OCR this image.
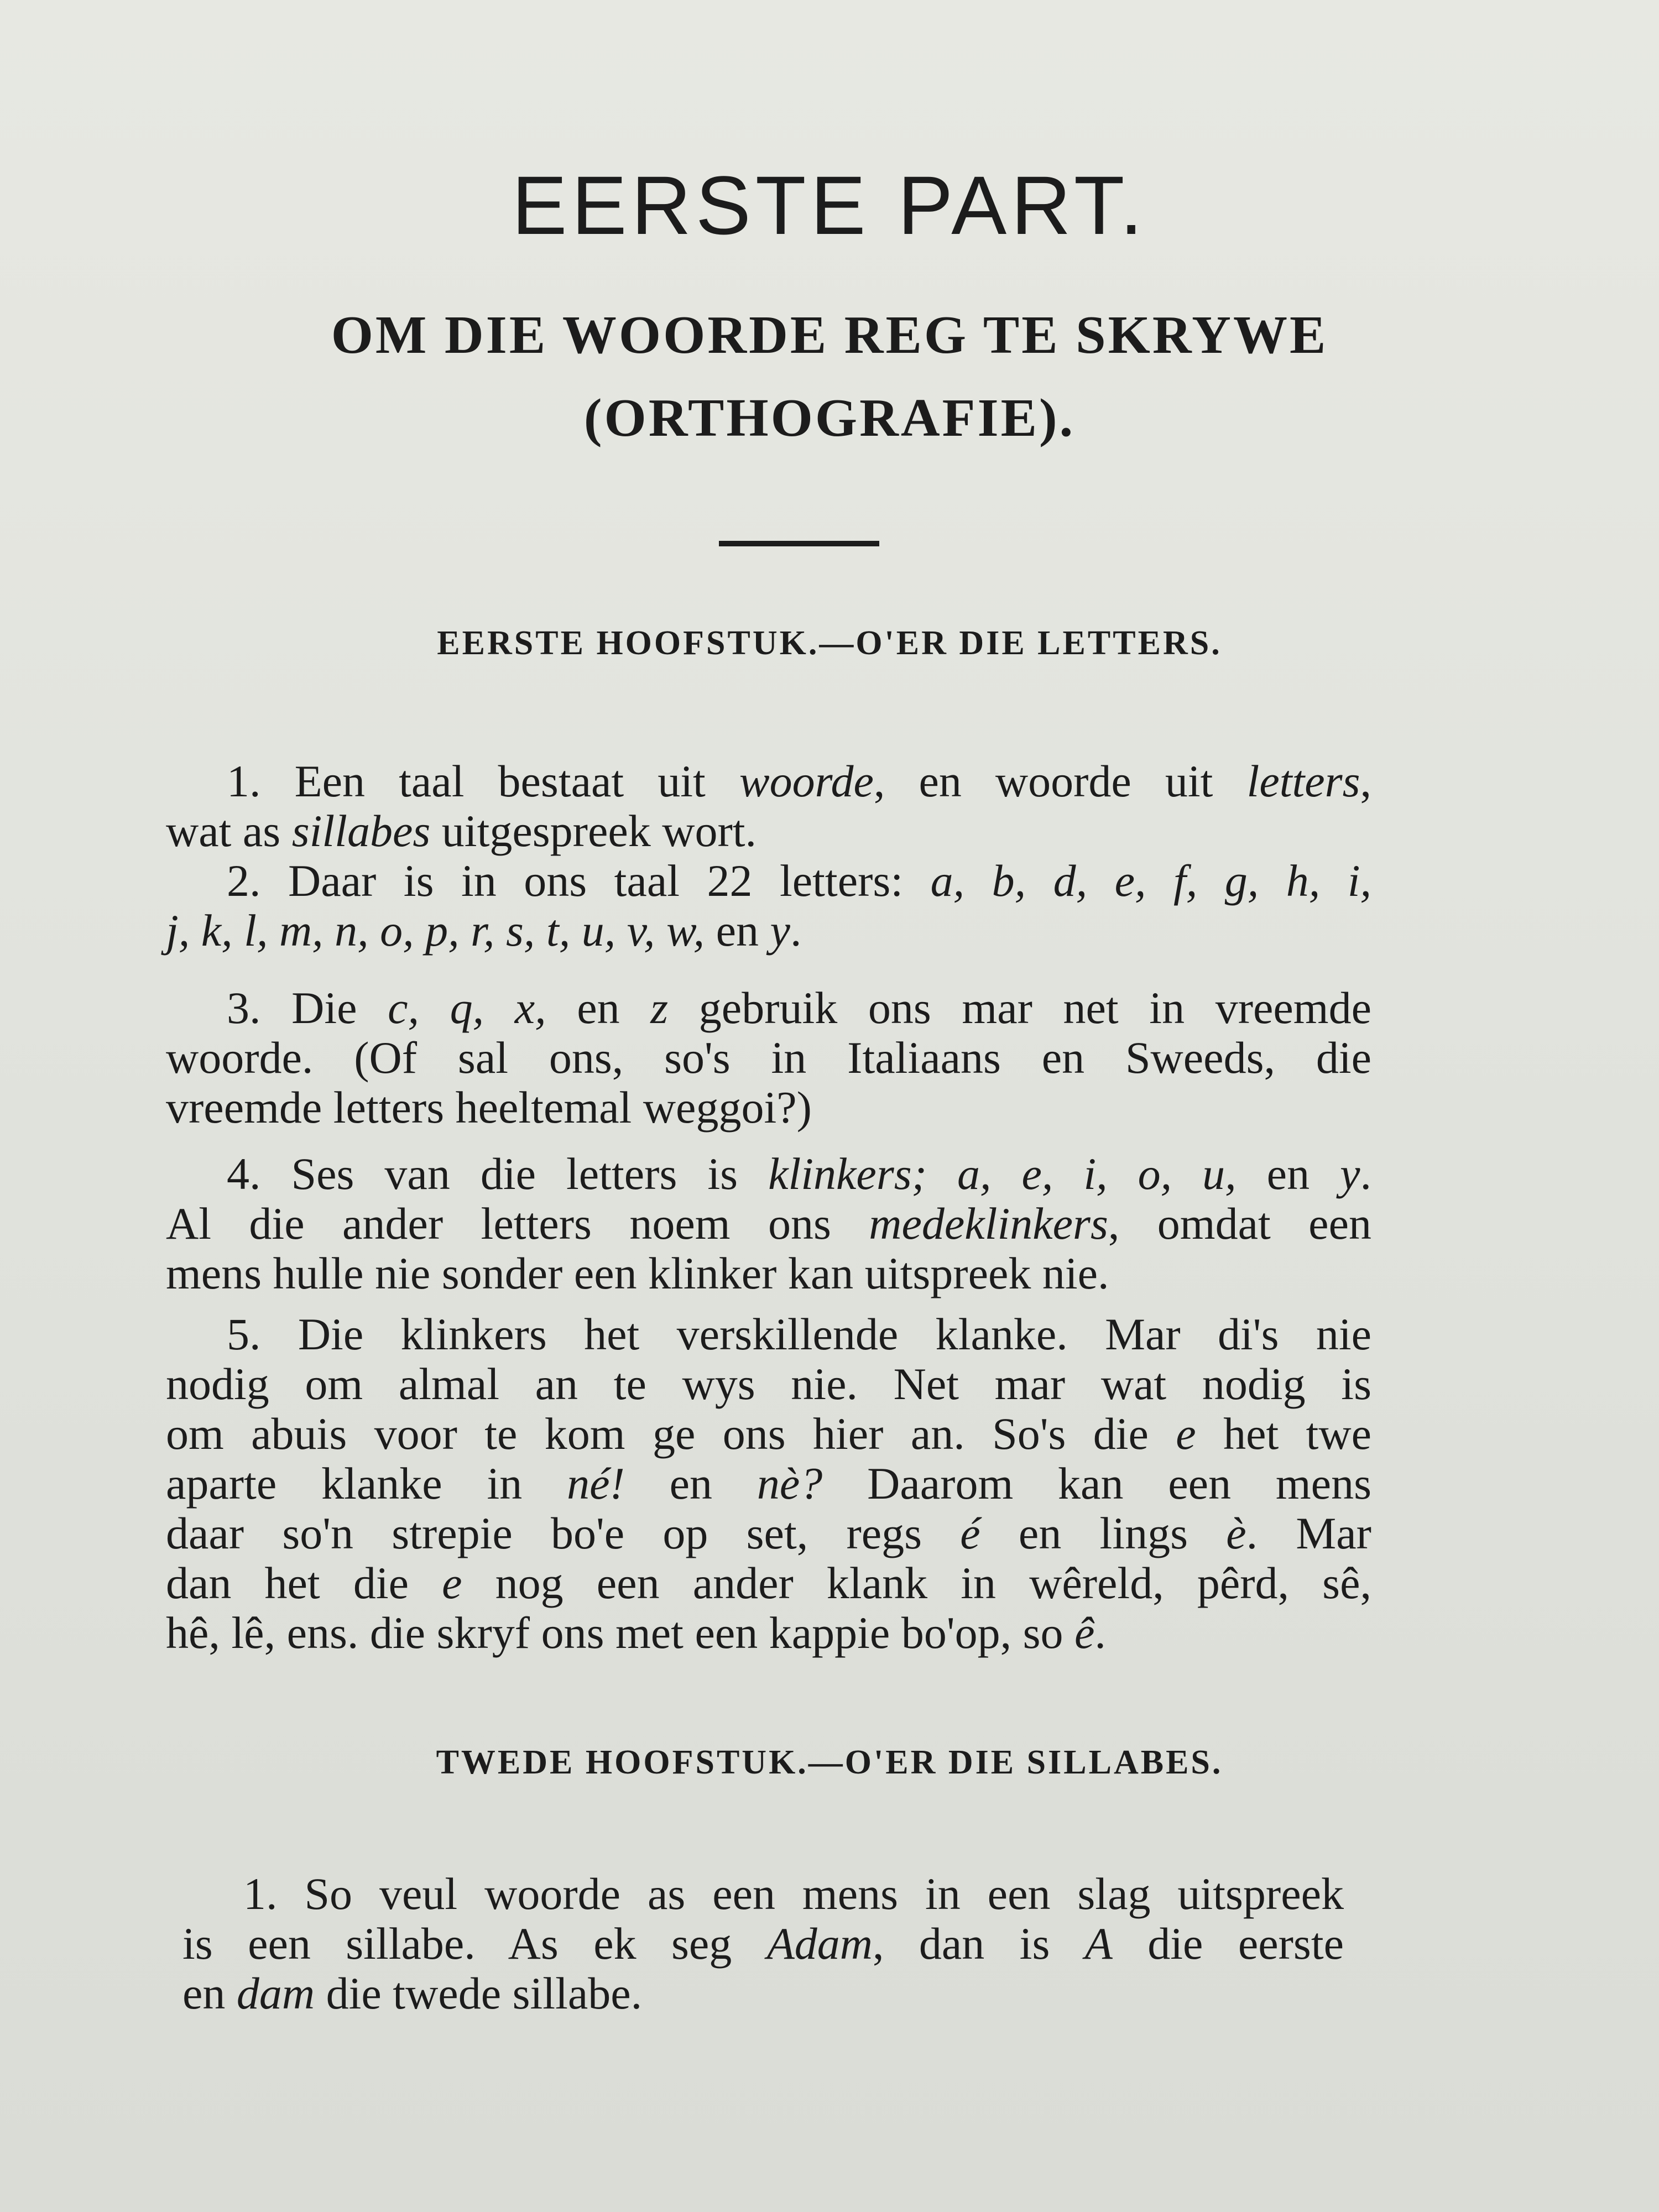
EERSTE PART.
OM DIE WOORDE REG TE SKRYWE
(ORTHOGRAFIE).
EERSTE HOOFSTUK.—O'ER DIE LETTERS.
1. Een taal bestaat uit woorde, en woorde uit letters,
wat as sillabes uitgespreek wort.
2. Daar is in ons taal 22 letters: a, b, d, e, f, g, h, i,
j, k, l, m, n, o, p, r, s, t, u, v, w, en y.
3. Die c, q, x, en z gebruik ons mar net in vreemde
woorde. (Of sal ons, so's in Italiaans en Sweeds, die
vreemde letters heeltemal weggoi?)
4. Ses van die letters is klinkers; a, e, i, o, u, en y.
Al die ander letters noem ons medeklinkers, omdat een
mens hulle nie sonder een klinker kan uitspreek nie.
5. Die klinkers het verskillende klanke. Mar di's nie
nodig om almal an te wys nie. Net mar wat nodig is
om abuis voor te kom ge ons hier an. So's die e het twe
aparte klanke in né! en nè? Daarom kan een mens
daar so'n strepie bo'e op set, regs é en lings è. Mar
dan het die e nog een ander klank in wêreld, pêrd, sê,
hê, lê, ens. die skryf ons met een kappie bo'op, so ê.
TWEDE HOOFSTUK.—O'ER DIE SILLABES.
1. So veul woorde as een mens in een slag uitspreek
is een sillabe. As ek seg Adam, dan is A die eerste
en dam die twede sillabe.
